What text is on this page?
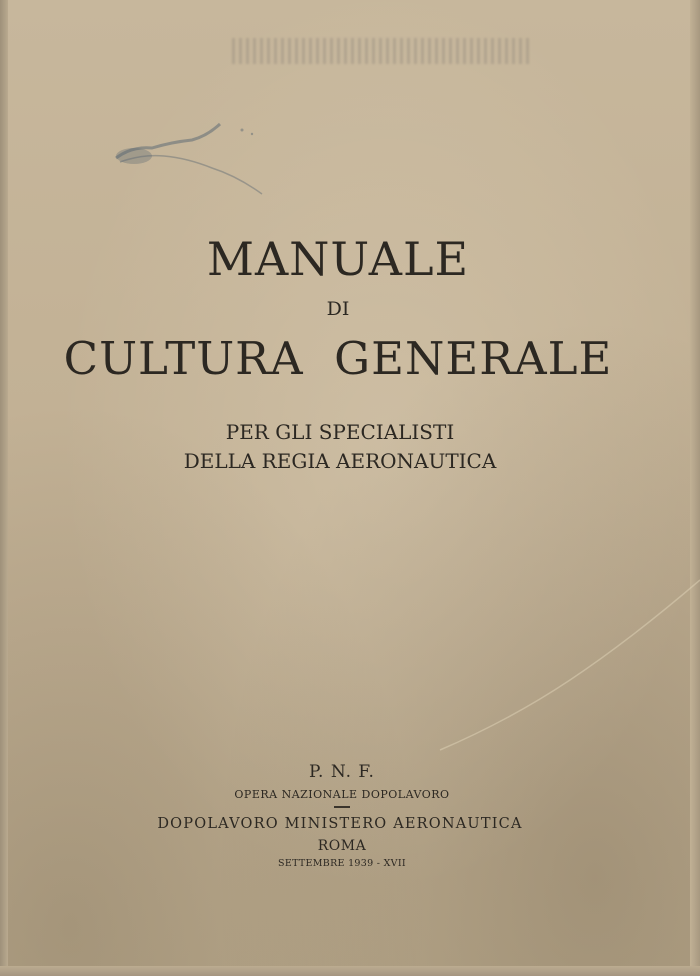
MANUALE
DI
CULTURA  GENERALE
PER GLI SPECIALISTI
DELLA REGIA AERONAUTICA
P. N. F.
OPERA NAZIONALE DOPOLAVORO
DOPOLAVORO MINISTERO AERONAUTICA
ROMA
SETTEMBRE 1939 - XVII
